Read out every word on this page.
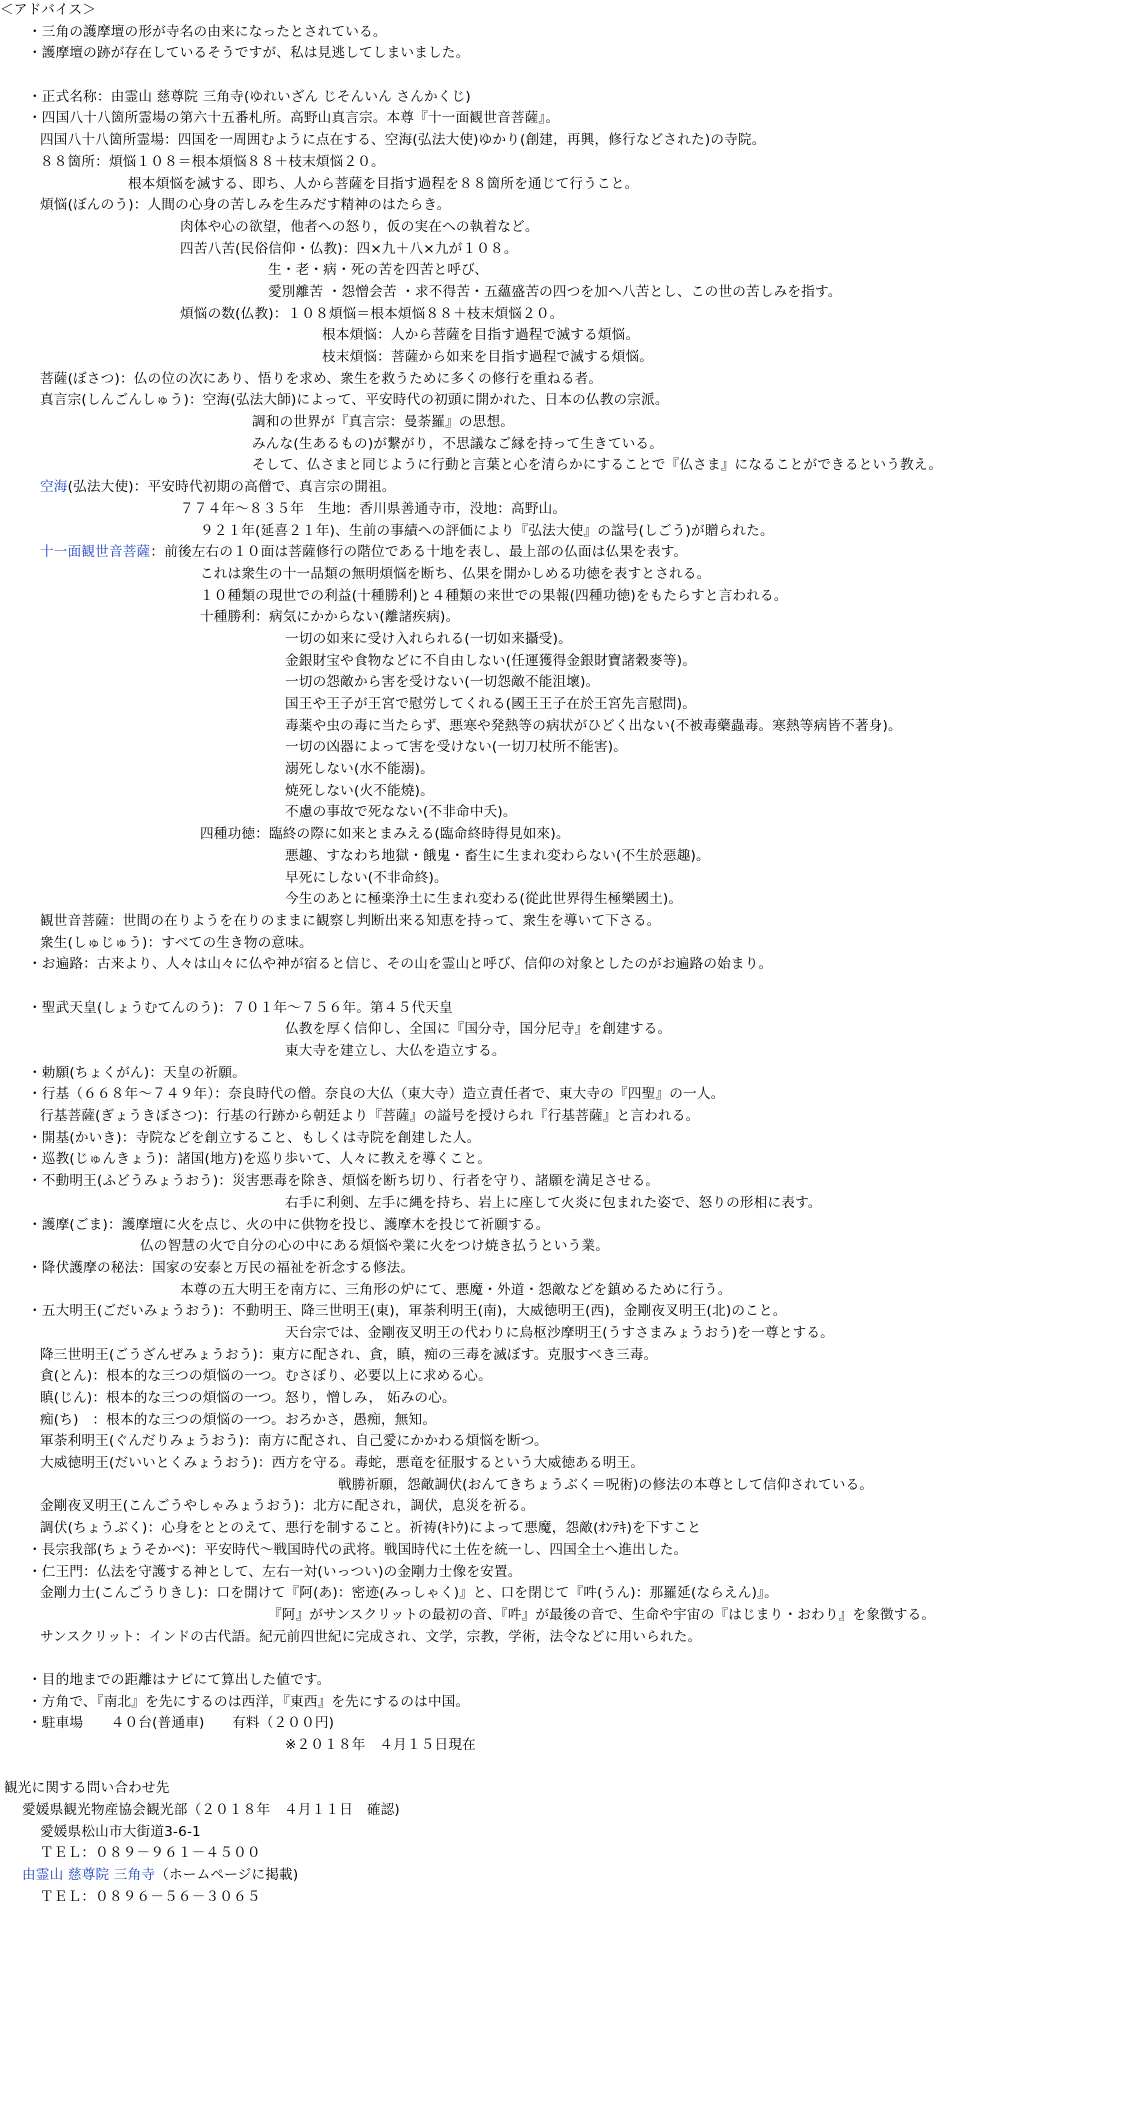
＜アドバイス＞
・三角の護摩壇の形が寺名の由来になったとされている。
・護摩壇の跡が存在しているそうですが、私は見逃してしまいました。
・正式名称：由霊山 慈尊院 三角寺(ゆれいざん じそんいん さんかくじ)
・四国八十八箇所霊場の第六十五番札所。高野山真言宗。本尊『十一面観世音菩薩』。
四国八十八箇所霊場：四国を一周囲むように点在する、空海(弘法大使)ゆかり(創建，再興，修行などされた)の寺院。
８８箇所：煩悩１０８＝根本煩悩８８＋枝末煩悩２０。
根本煩悩を滅する、即ち、人から菩薩を目指す過程を８８箇所を通じて行うこと。
煩悩(ぼんのう)：人間の心身の苦しみを生みだす精神のはたらき。
肉体や心の欲望，他者への怒り，仮の実在への執着など。
四苦八苦(民俗信仰・仏教)：四×九＋八×九が１０８。
生・老・病・死の苦を四苦と呼び、
愛別離苦 ・怨憎会苦 ・求不得苦・五蘊盛苦の四つを加へ八苦とし、この世の苦しみを指す。
煩悩の数(仏教)：１０８煩悩＝根本煩悩８８＋枝末煩悩２０。
根本煩悩：人から菩薩を目指す過程で滅する煩悩。
枝末煩悩：菩薩から如来を目指す過程で滅する煩悩。
菩薩(ぼさつ)：仏の位の次にあり、悟りを求め、衆生を救うために多くの修行を重ねる者。
真言宗(しんごんしゅう)：空海(弘法大師)によって、平安時代の初頭に開かれた、日本の仏教の宗派。
調和の世界が『真言宗：曼荼羅』の思想。
みんな(生あるもの)が繋がり，不思議なご縁を持って生きている。
そして、仏さまと同じように行動と言葉と心を清らかにすることで『仏さま』になることができるという教え。
空海(弘法大使)：平安時代初期の高僧で、真言宗の開祖。
７７４年～８３５年　生地：香川県善通寺市，没地：高野山。
９２１年(延喜２１年)、生前の事績への評価により『弘法大使』の諡号(しごう)が贈られた。
十一面観世音菩薩：前後左右の１０面は菩薩修行の階位である十地を表し、最上部の仏面は仏果を表す。
これは衆生の十一品類の無明煩悩を断ち、仏果を開かしめる功徳を表すとされる。
１０種類の現世での利益(十種勝利)と４種類の来世での果報(四種功徳)をもたらすと言われる。
十種勝利：病気にかからない(離諸疾病)。
一切の如来に受け入れられる(一切如来攝受)。
金銀財宝や食物などに不自由しない(任運獲得金銀財寶諸穀麥等)。
一切の怨敵から害を受けない(一切怨敵不能沮壞)。
国王や王子が王宮で慰労してくれる(國王王子在於王宮先言慰問)。
毒薬や虫の毒に当たらず、悪寒や発熱等の病状がひどく出ない(不被毒藥蟲毒。寒熱等病皆不著身)。
一切の凶器によって害を受けない(一切刀杖所不能害)。
溺死しない(水不能溺)。
焼死しない(火不能燒)。
不慮の事故で死なない(不非命中夭)。
四種功徳：臨終の際に如来とまみえる(臨命終時得見如來)。
悪趣、すなわち地獄・餓鬼・畜生に生まれ変わらない(不生於惡趣)。
早死にしない(不非命終)。
今生のあとに極楽浄土に生まれ変わる(從此世界得生極樂國土)。
観世音菩薩：世間の在りようを在りのままに観察し判断出来る知恵を持って、衆生を導いて下さる。
衆生(しゅじゅう)：すべての生き物の意味。
・お遍路：古来より、人々は山々に仏や神が宿ると信じ、その山を霊山と呼び、信仰の対象としたのがお遍路の始まり。
・聖武天皇(しょうむてんのう)：７０１年～７５６年。第４５代天皇
仏教を厚く信仰し、全国に『国分寺，国分尼寺』を創建する。
東大寺を建立し、大仏を造立する。
・勅願(ちょくがん)：天皇の祈願。
・行基（６６８年～７４９年）：奈良時代の僧。奈良の大仏（東大寺）造立責任者で、東大寺の『四聖』の一人。
行基菩薩(ぎょうきぼさつ)：行基の行跡から朝廷より『菩薩』の謚号を授けられ『行基菩薩』と言われる。
・開基(かいき)：寺院などを創立すること、もしくは寺院を創建した人。
・巡教(じゅんきょう)：諸国(地方)を巡り歩いて、人々に教えを導くこと。
・不動明王(ふどうみょうおう)：災害悪毒を除き、煩悩を断ち切り、行者を守り、諸願を満足させる。
右手に利剣、左手に縄を持ち、岩上に座して火炎に包まれた姿で、怒りの形相に表す。
・護摩(ごま)：護摩壇に火を点じ、火の中に供物を投じ、護摩木を投じて祈願する。
仏の智慧の火で自分の心の中にある煩悩や業に火をつけ焼き払うという業。
・降伏護摩の秘法：国家の安泰と万民の福祉を祈念する修法。
本尊の五大明王を南方に、三角形の炉にて、悪魔・外道・怨敵などを鎮めるために行う。
・五大明王(ごだいみょうおう)：不動明王、降三世明王(東)，軍荼利明王(南)，大威徳明王(西)，金剛夜叉明王(北)のこと。
天台宗では、金剛夜叉明王の代わりに烏枢沙摩明王(うすさまみょうおう)を一尊とする。
降三世明王(ごうざんぜみょうおう)：東方に配され、貪，瞋，痴の三毒を滅ぼす。克服すべき三毒。
貪(とん)：根本的な三つの煩悩の一つ。むさぼり、必要以上に求める心。
瞋(じん)：根本的な三つの煩悩の一つ。怒り，憎しみ， 妬みの心。
痴(ち)　：根本的な三つの煩悩の一つ。おろかさ，愚痴，無知。
軍荼利明王(ぐんだりみょうおう)：南方に配され、自己愛にかかわる煩悩を断つ。
大威徳明王(だいいとくみょうおう)：西方を守る。毒蛇，悪竜を征服するという大威徳ある明王。
戦勝祈願，怨敵調伏(おんてきちょうぶく＝呪術)の修法の本尊として信仰されている。
金剛夜叉明王(こんごうやしゃみょうおう)：北方に配され，調伏，息災を祈る。
調伏(ちょうぶく)：心身をととのえて、悪行を制すること。祈祷(ｷﾄｳ)によって悪魔，怨敵(ｵﾝﾃｷ)を下すこと
・長宗我部(ちょうそかべ)：平安時代～戦国時代の武将。戦国時代に土佐を統一し、四国全土へ進出した。
・仁王門：仏法を守護する神として、左右一対(いっつい)の金剛力士像を安置。
金剛力士(こんごうりきし)：口を開けて『阿(あ)：密迹(みっしゃく)』と、口を閉じて『吽(うん)：那羅延(ならえん)』。
『阿』がサンスクリットの最初の音、『吽』が最後の音で、生命や宇宙の『はじまり・おわり』を象徴する。
サンスクリット：インドの古代語。紀元前四世紀に完成され、文学，宗教，学術，法令などに用いられた。
・目的地までの距離はナビにて算出した値です。
・方角で、『南北』を先にするのは西洋，『東西』を先にするのは中国。
・駐車場　　４０台(普通車)　　有料（２００円)
※２０１８年　４月１５日現在
観光に関する問い合わせ先
愛媛県観光物産協会観光部（２０１８年　４月１１日　確認)
愛媛県松山市大街道3-6-1
ＴＥＬ：０８９－９６１－４５００
由霊山 慈尊院 三角寺（ホームページに掲載)
ＴＥＬ：０８９６－５６－３０６５
